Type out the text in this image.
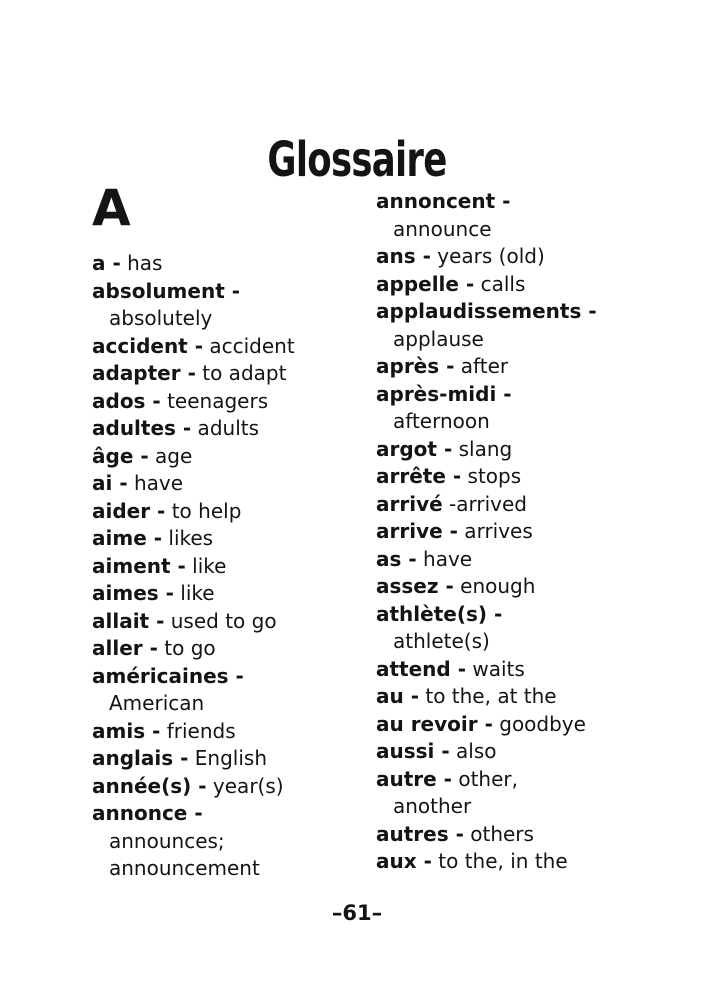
Glossaire
A
a - has
absolument -
absolutely
accident - accident
adapter - to adapt
ados - teenagers
adultes - adults
âge - age
ai - have
aider - to help
aime - likes
aiment - like
aimes - like
allait - used to go
aller - to go
américaines -
American
amis - friends
anglais - English
année(s) - year(s)
annonce -
announces;
announcement
annoncent -
announce
ans - years (old)
appelle - calls
applaudissements -
applause
après - after
après-midi -
afternoon
argot - slang
arrête - stops
arrivé -arrived
arrive - arrives
as - have
assez - enough
athlète(s) -
athlete(s)
attend - waits
au - to the, at the
au revoir - goodbye
aussi - also
autre - other,
another
autres - others
aux - to the, in the
–61–
